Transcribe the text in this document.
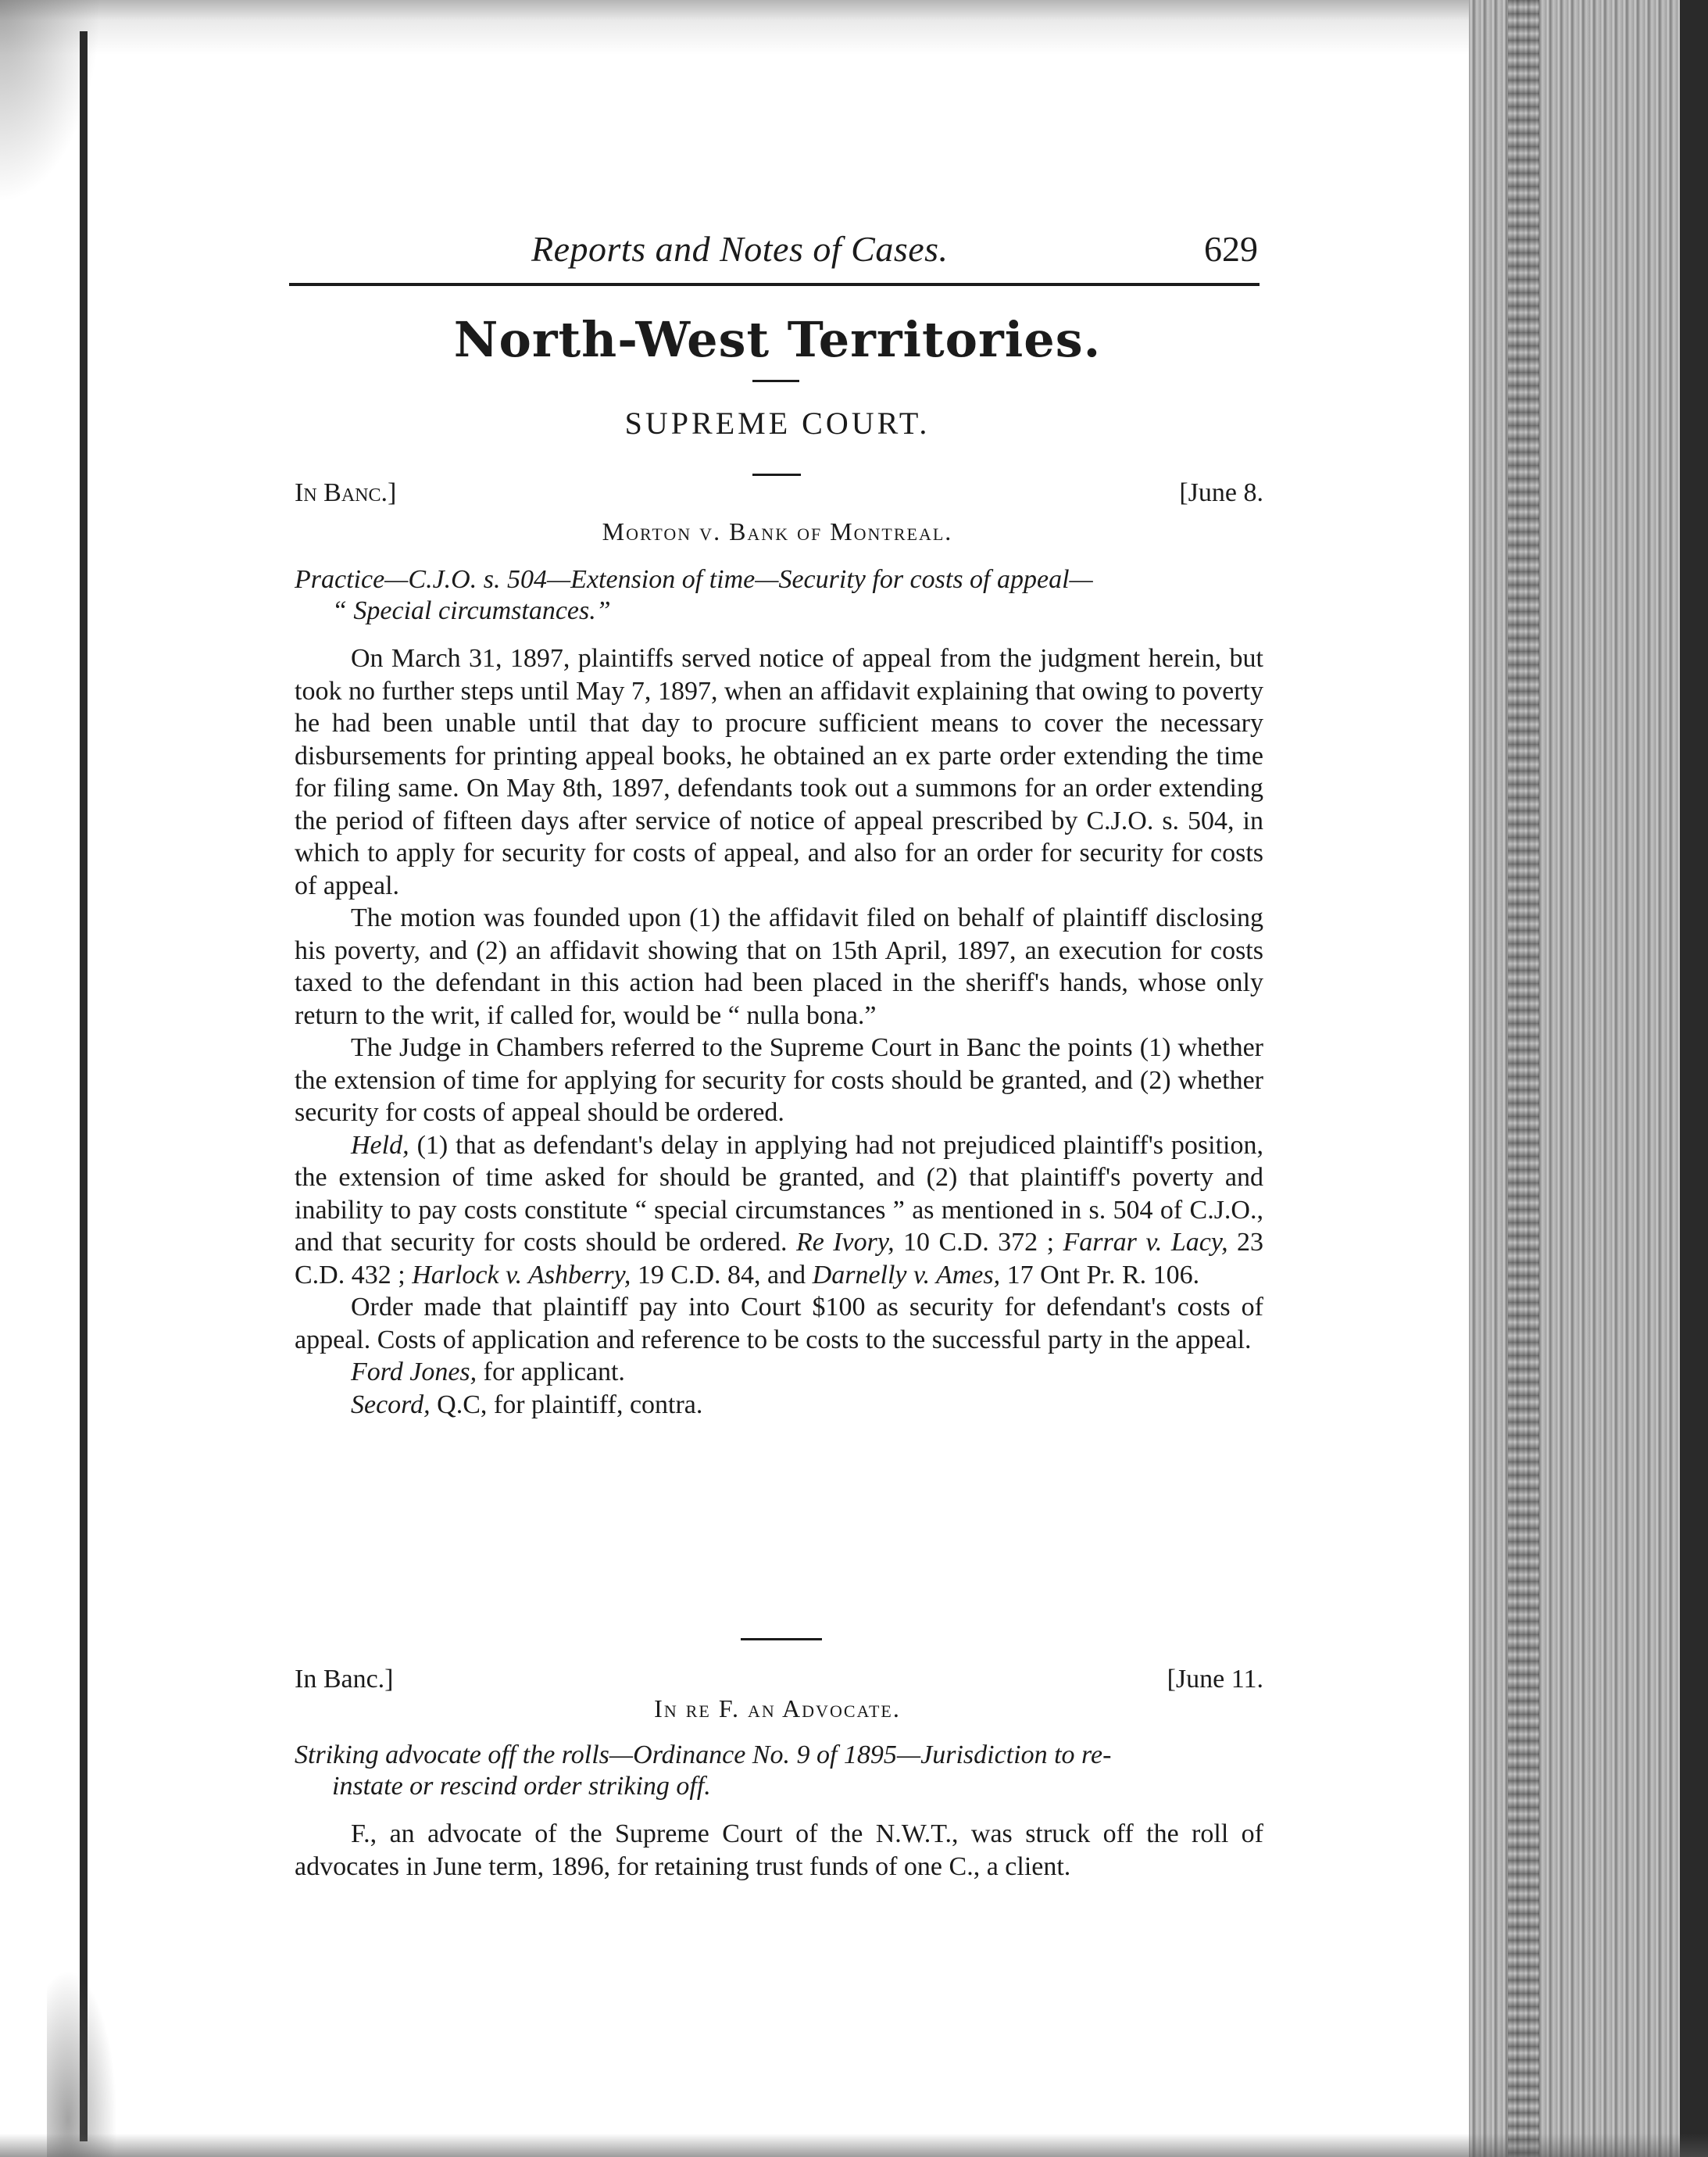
Reports and Notes of Cases.	629
North-West Territories.
SUPREME COURT.
In Banc.]	[June 8.
Morton v. Bank of Montreal.
Practice—C.J.O. s. 504—Extension of time—Security for costs of appeal—
“ Special circumstances.”

On March 31, 1897, plaintiffs served notice of appeal from the judgment herein, but took no further steps until May 7, 1897, when an affidavit explaining that owing to poverty he had been unable until that day to procure sufficient means to cover the necessary disbursements for printing appeal books, he obtained an ex parte order extending the time for filing same. On May 8th, 1897, defendants took out a summons for an order extending the period of fifteen days after service of notice of appeal prescribed by C.J.O. s. 504, in which to apply for security for costs of appeal, and also for an order for security for costs of appeal.

The motion was founded upon (1) the affidavit filed on behalf of plaintiff disclosing his poverty, and (2) an affidavit showing that on 15th April, 1897, an execution for costs taxed to the defendant in this action had been placed in the sheriff's hands, whose only return to the writ, if called for, would be “ nulla bona.”

The Judge in Chambers referred to the Supreme Court in Banc the points (1) whether the extension of time for applying for security for costs should be granted, and (2) whether security for costs of appeal should be ordered.

Held, (1) that as defendant's delay in applying had not prejudiced plaintiff's position, the extension of time asked for should be granted, and (2) that plaintiff's poverty and inability to pay costs constitute “ special circumstances ” as mentioned in s. 504 of C.J.O., and that security for costs should be ordered. Re Ivory, 10 C.D. 372 ; Farrar v. Lacy, 23 C.D. 432 ; Harlock v. Ashberry, 19 C.D. 84, and Darnelly v. Ames, 17 Ont Pr. R. 106.

Order made that plaintiff pay into Court $100 as security for defendant's costs of appeal. Costs of application and reference to be costs to the successful party in the appeal.

Ford Jones, for applicant.

Secord, Q.C, for plaintiff, contra.

In Banc.]	[June 11.
In re F. an Advocate.
Striking advocate off the rolls—Ordinance No. 9 of 1895—Jurisdiction to re-
instate or rescind order striking off.

F., an advocate of the Supreme Court of the N.W.T., was struck off the roll of advocates in June term, 1896, for retaining trust funds of one C., a client.
